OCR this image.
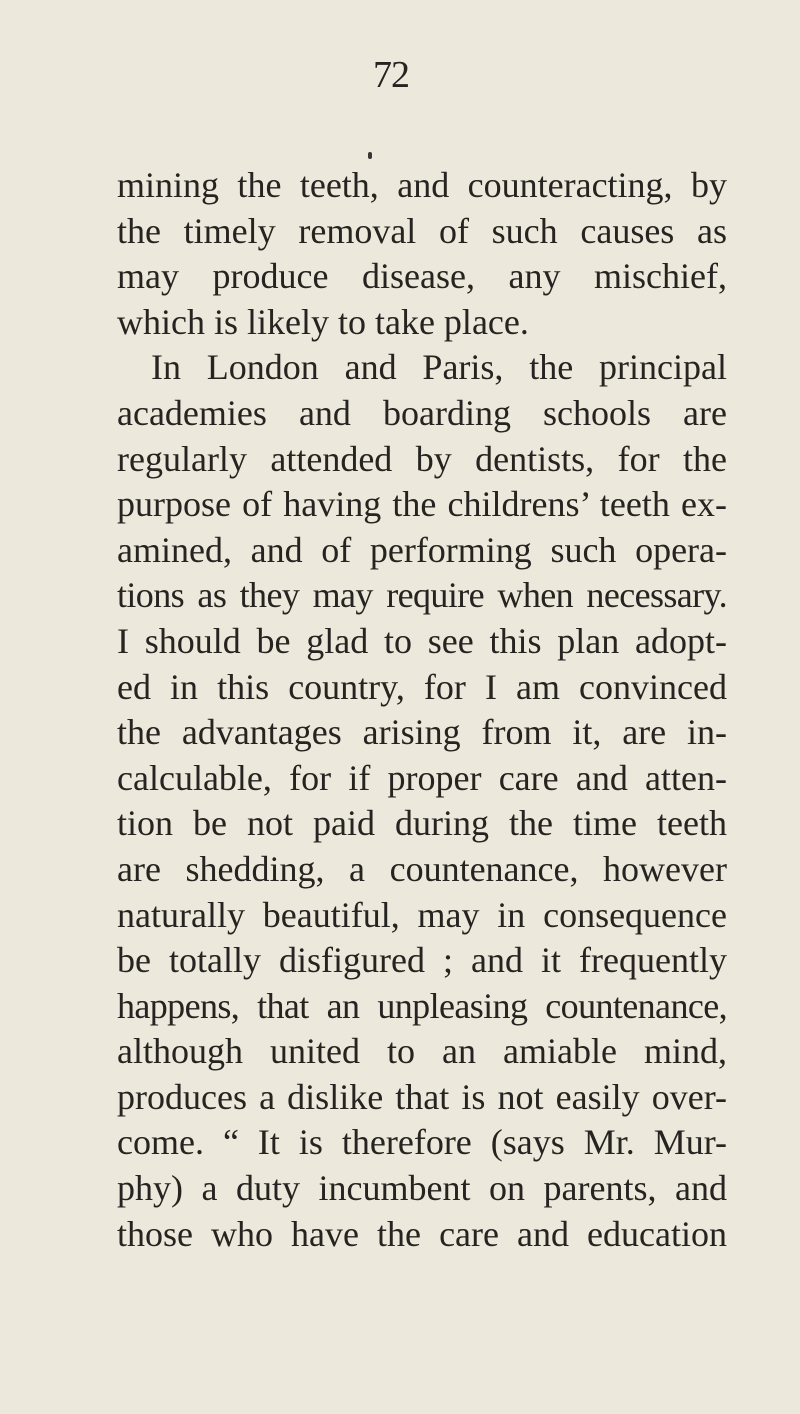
72
mining the teeth, and counteracting, by
the timely removal of such causes as
may produce disease, any mischief,
which is likely to take place.
In London and Paris, the principal
academies and boarding schools are
regularly attended by dentists, for the
purpose of having the childrens’ teeth ex-
amined, and of performing such opera-
tions as they may require when necessary.
I should be glad to see this plan adopt-
ed in this country, for I am convinced
the advantages arising from it, are in-
calculable, for if proper care and atten-
tion be not paid during the time teeth
are shedding, a countenance, however
naturally beautiful, may in consequence
be totally disfigured ; and it frequently
happens, that an unpleasing countenance,
although united to an amiable mind,
produces a dislike that is not easily over-
come. “ It is therefore (says Mr. Mur-
phy) a duty incumbent on parents, and
those who have the care and education
